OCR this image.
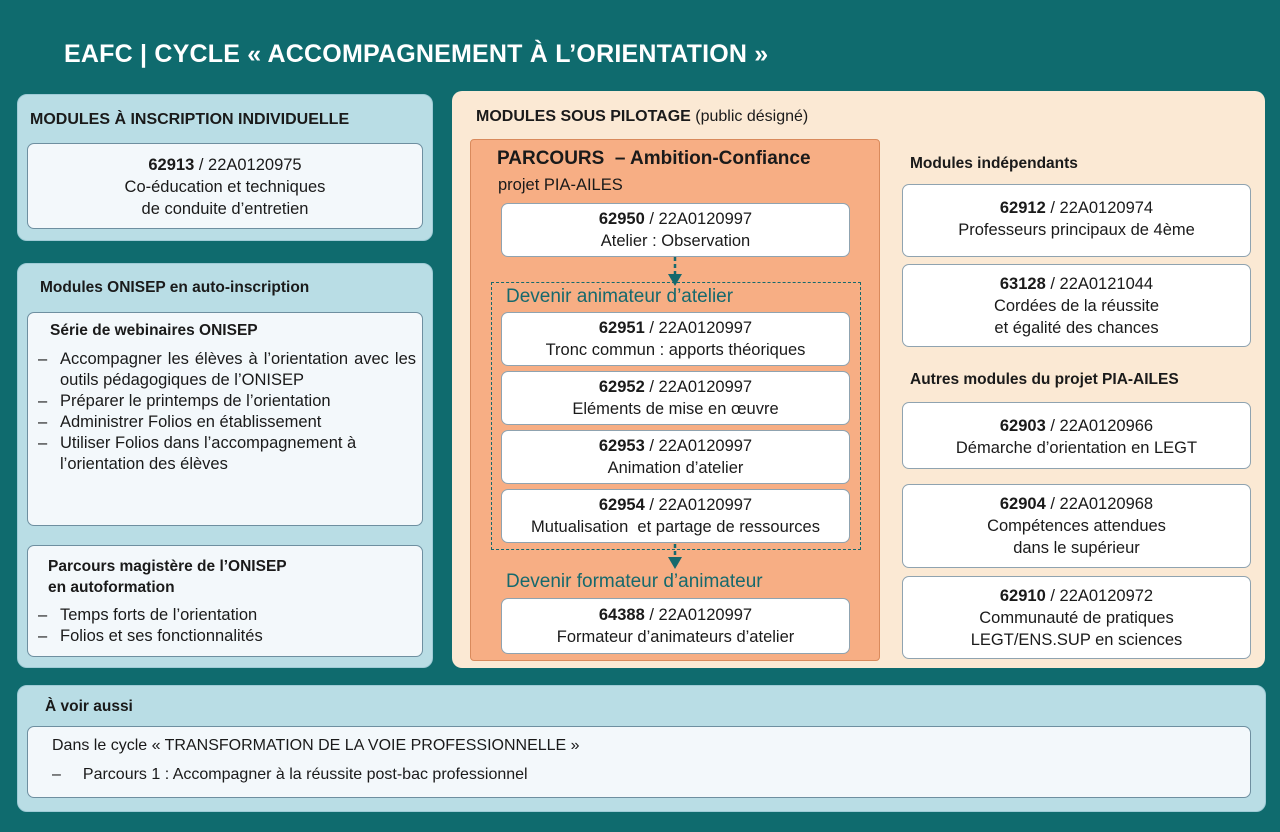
EAFC | CYCLE « ACCOMPAGNEMENT À L’ORIENTATION »
MODULES À INSCRIPTION INDIVIDUELLE
62913 / 22A0120975
Co-éducation et techniques
de conduite d’entretien
Modules ONISEP en auto-inscription
Série de webinaires ONISEP
– Accompagner les élèves à l’orientation avec les outils pédagogiques de l’ONISEP
– Préparer le printemps de l’orientation
– Administrer Folios en établissement
– Utiliser Folios dans l’accompagnement à l’orientation des élèves
Parcours magistère de l’ONISEP
en autoformation
– Temps forts de l’orientation
– Folios et ses fonctionnalités
MODULES SOUS PILOTAGE (public désigné)
PARCOURS  – Ambition-Confiance
projet PIA-AILES
62950 / 22A0120997
Atelier : Observation
Devenir animateur d’atelier
62951 / 22A0120997
Tronc commun : apports théoriques
62952 / 22A0120997
Eléments de mise en œuvre
62953 / 22A0120997
Animation d’atelier
62954 / 22A0120997
Mutualisation  et partage de ressources
Devenir formateur d’animateur
64388 / 22A0120997
Formateur d’animateurs d’atelier
Modules indépendants
62912 / 22A0120974
Professeurs principaux de 4ème
63128 / 22A0121044
Cordées de la réussite
et égalité des chances
Autres modules du projet PIA-AILES
62903 / 22A0120966
Démarche d’orientation en LEGT
62904 / 22A0120968
Compétences attendues
dans le supérieur
62910 / 22A0120972
Communauté de pratiques
LEGT/ENS.SUP en sciences
À voir aussi
Dans le cycle « TRANSFORMATION DE LA VOIE PROFESSIONNELLE »
– Parcours 1 : Accompagner à la réussite post-bac professionnel
